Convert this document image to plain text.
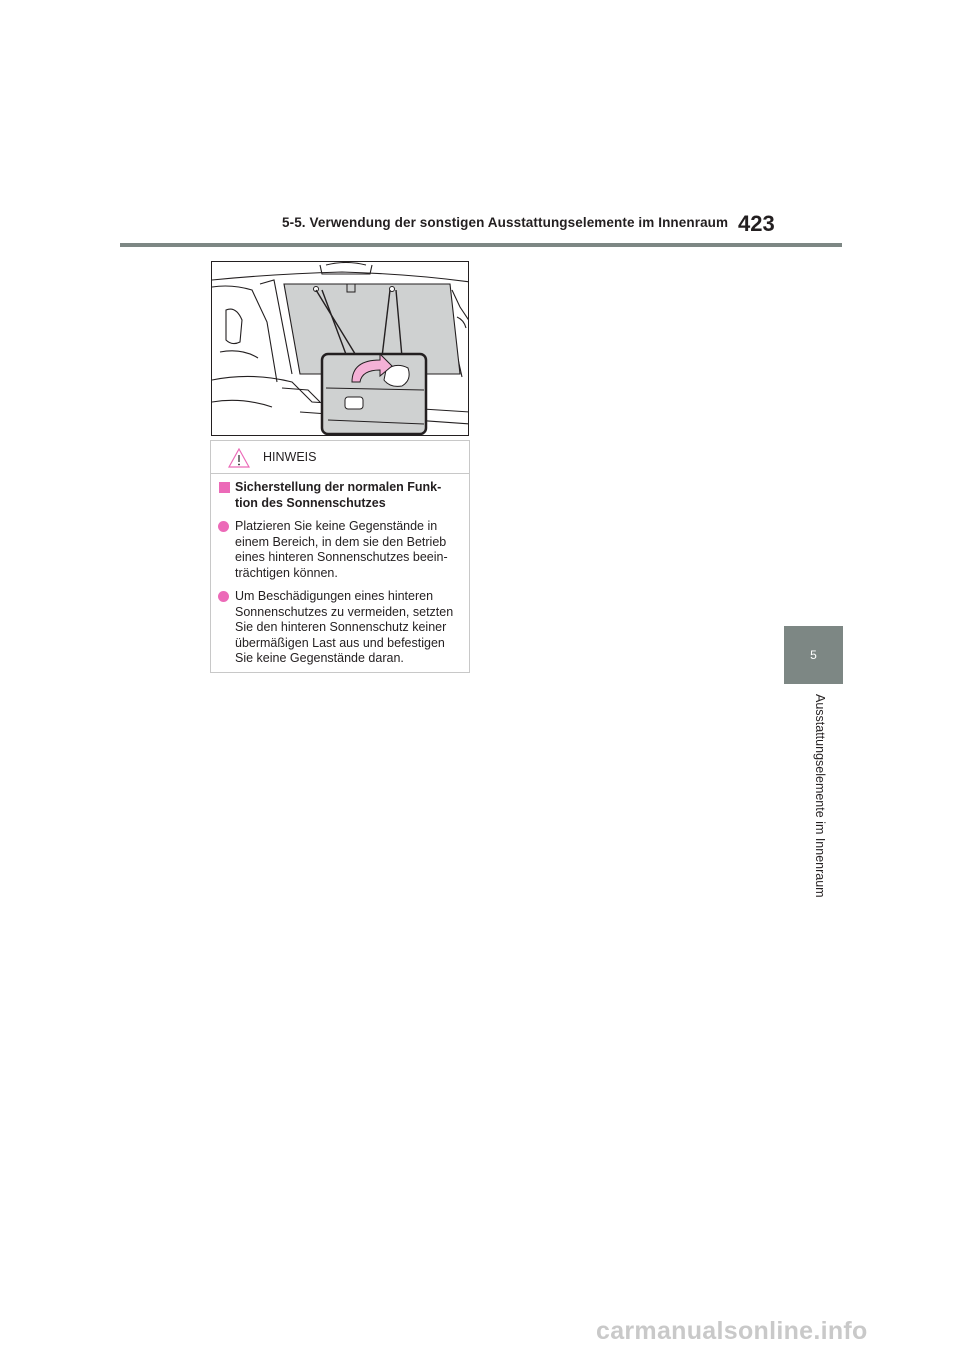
5-5. Verwendung der sonstigen Ausstattungselemente im Innenraum 423
HINWEIS
Sicherstellung der normalen Funk-
tion des Sonnenschutzes
Platzieren Sie keine Gegenstände in
einem Bereich, in dem sie den Betrieb
eines hinteren Sonnenschutzes beein-
trächtigen können.
Um Beschädigungen eines hinteren
Sonnenschutzes zu vermeiden, setzten
Sie den hinteren Sonnenschutz keiner
übermäßigen Last aus und befestigen
Sie keine Gegenstände daran.	5
Ausstattungselemente im Innenraum
carmanualsonline.info
